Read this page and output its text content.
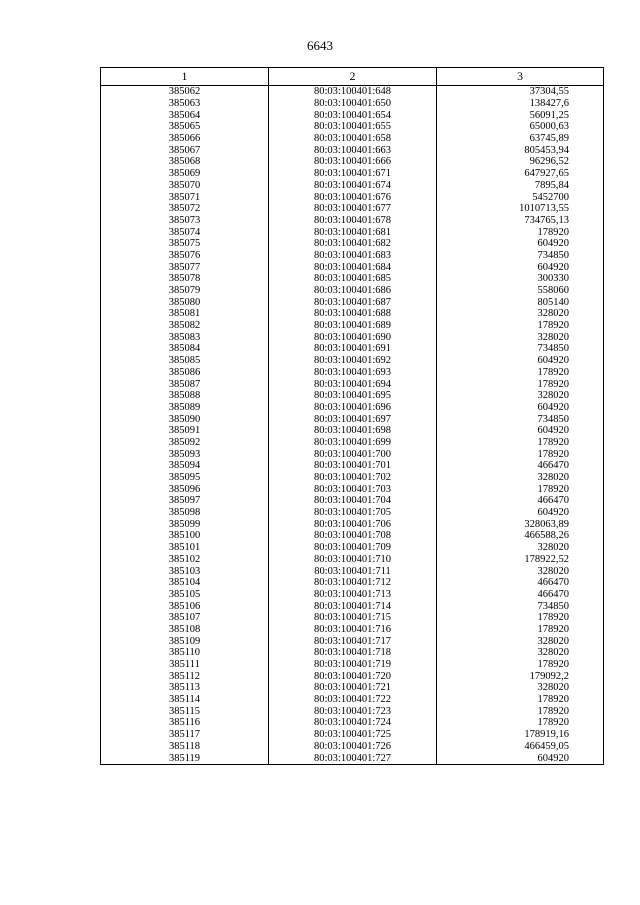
6643
1	2	3
385062	80:03:100401:648	37304,55
385063	80:03:100401:650	138427,6
385064	80:03:100401:654	56091,25
385065	80:03:100401:655	65000,63
385066	80:03:100401:658	63745,89
385067	80:03:100401:663	805453,94
385068	80:03:100401:666	96296,52
385069	80:03:100401:671	647927,65
385070	80:03:100401:674	7895,84
385071	80:03:100401:676	5452700
385072	80:03:100401:677	1010713,55
385073	80:03:100401:678	734765,13
385074	80:03:100401:681	178920
385075	80:03:100401:682	604920
385076	80:03:100401:683	734850
385077	80:03:100401:684	604920
385078	80:03:100401:685	300330
385079	80:03:100401:686	558060
385080	80:03:100401:687	805140
385081	80:03:100401:688	328020
385082	80:03:100401:689	178920
385083	80:03:100401:690	328020
385084	80:03:100401:691	734850
385085	80:03:100401:692	604920
385086	80:03:100401:693	178920
385087	80:03:100401:694	178920
385088	80:03:100401:695	328020
385089	80:03:100401:696	604920
385090	80:03:100401:697	734850
385091	80:03:100401:698	604920
385092	80:03:100401:699	178920
385093	80:03:100401:700	178920
385094	80:03:100401:701	466470
385095	80:03:100401:702	328020
385096	80:03:100401:703	178920
385097	80:03:100401:704	466470
385098	80:03:100401:705	604920
385099	80:03:100401:706	328063,89
385100	80:03:100401:708	466588,26
385101	80:03:100401:709	328020
385102	80:03:100401:710	178922,52
385103	80:03:100401:711	328020
385104	80:03:100401:712	466470
385105	80:03:100401:713	466470
385106	80:03:100401:714	734850
385107	80:03:100401:715	178920
385108	80:03:100401:716	178920
385109	80:03:100401:717	328020
385110	80:03:100401:718	328020
385111	80:03:100401:719	178920
385112	80:03:100401:720	179092,2
385113	80:03:100401:721	328020
385114	80:03:100401:722	178920
385115	80:03:100401:723	178920
385116	80:03:100401:724	178920
385117	80:03:100401:725	178919,16
385118	80:03:100401:726	466459,05
385119	80:03:100401:727	604920
